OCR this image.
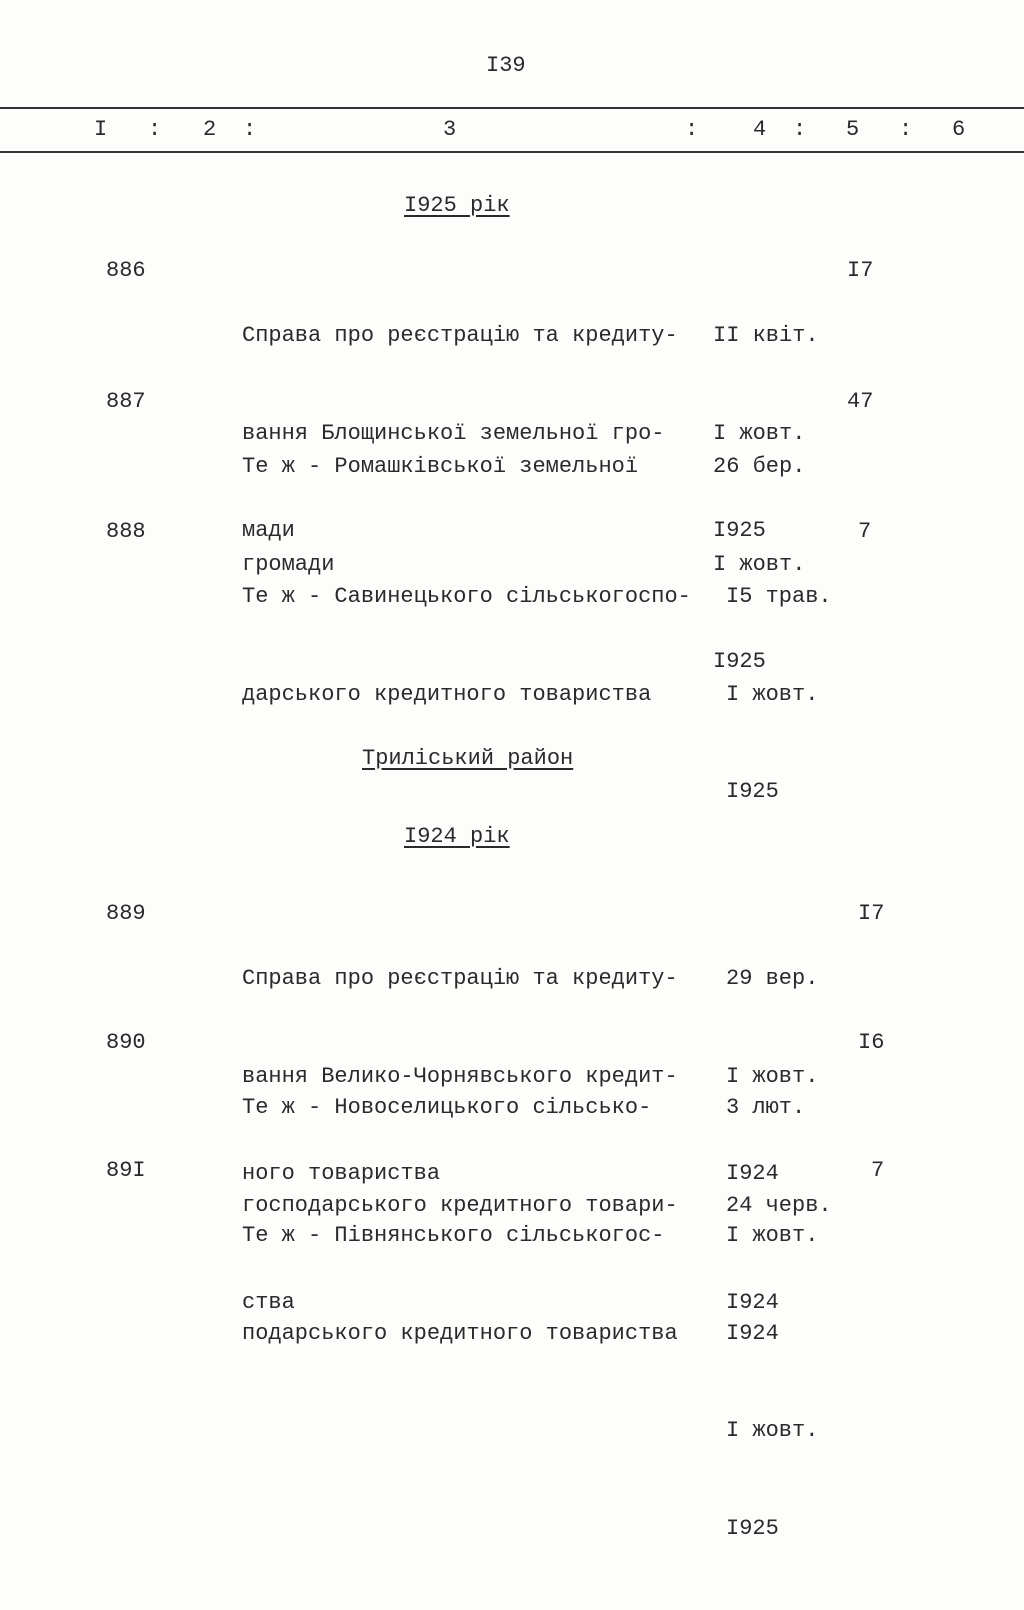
I39
I : 2 :	3	: 4 : 5 : 6
I925 рік
886

Справа про реєстрацію та кредиту-

вання Блощинської земельної гро-

мади

II квіт.

I жовт.

I925

I7
887

Те ж - Ромашківської земельної

громади

26 бер.

I жовт.

I925

47
888

Те ж - Савинецького сільськогоспо-

дарського кредитного товариства

I5 трав.

I жовт.

I925

7
Трилiський район
I924 рік
889

Справа про реєстрацію та кредиту-

вання Велико-Чорнявського кредит-

ного товариства

29 вер.

I жовт.

I924

I7
890

Те ж - Новоселицького сільсько-

господарського кредитного товари-

ства

3 лют.

24 черв.

I924

I6
89I

Те ж - Півнянського сільськогос-

подарського кредитного товариства

I жовт.

I924

I жовт.

I925

7
